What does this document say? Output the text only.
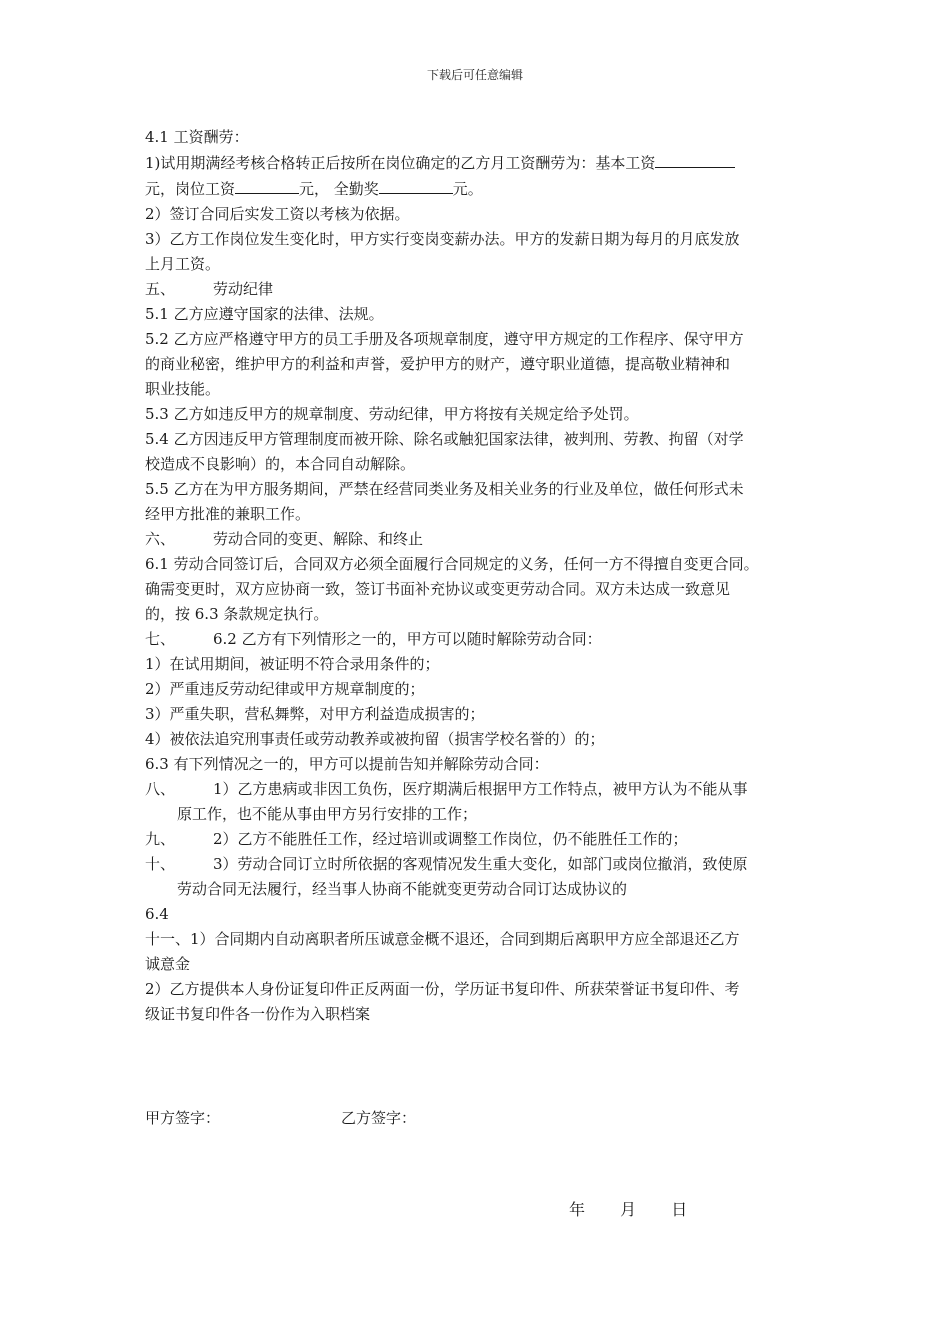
下载后可任意编辑
4.1 工资酬劳：
1)试用期满经考核合格转正后按所在岗位确定的乙方月工资酬劳为：基本工资
元，岗位工资	元， 全勤奖	元。
2）签订合同后实发工资以考核为依据。
3）乙方工作岗位发生变化时，甲方实行变岗变薪办法。甲方的发薪日期为每月的月底发放
上月工资。
五、	劳动纪律
5.1 乙方应遵守国家的法律、法规。
5.2 乙方应严格遵守甲方的员工手册及各项规章制度，遵守甲方规定的工作程序、保守甲方
的商业秘密，维护甲方的利益和声誉，爱护甲方的财产，遵守职业道德，提高敬业精神和
职业技能。
5.3 乙方如违反甲方的规章制度、劳动纪律，甲方将按有关规定给予处罚。
5.4 乙方因违反甲方管理制度而被开除、除名或触犯国家法律，被判刑、劳教、拘留（对学
校造成不良影响）的，本合同自动解除。
5.5 乙方在为甲方服务期间，严禁在经营同类业务及相关业务的行业及单位，做任何形式未
经甲方批准的兼职工作。
六、	劳动合同的变更、解除、和终止
6.1 劳动合同签订后，合同双方必须全面履行合同规定的义务，任何一方不得擅自变更合同。
确需变更时，双方应协商一致，签订书面补充协议或变更劳动合同。双方未达成一致意见
的，按 6.3 条款规定执行。
七、	6.2 乙方有下列情形之一的，甲方可以随时解除劳动合同：
1）在试用期间，被证明不符合录用条件的；
2）严重违反劳动纪律或甲方规章制度的；
3）严重失职，营私舞弊，对甲方利益造成损害的；
4）被依法追究刑事责任或劳动教养或被拘留（损害学校名誉的）的；
6.3 有下列情况之一的，甲方可以提前告知并解除劳动合同：
八、	1）乙方患病或非因工负伤，医疗期满后根据甲方工作特点，被甲方认为不能从事
原工作，也不能从事由甲方另行安排的工作；
九、	2）乙方不能胜任工作，经过培训或调整工作岗位，仍不能胜任工作的；
十、	3）劳动合同订立时所依据的客观情况发生重大变化，如部门或岗位撤消，致使原
劳动合同无法履行，经当事人协商不能就变更劳动合同订达成协议的
6.4
十一、1）合同期内自动离职者所压诚意金概不退还，合同到期后离职甲方应全部退还乙方
诚意金
2）乙方提供本人身份证复印件正反两面一份，学历证书复印件、所获荣誉证书复印件、考
级证书复印件各一份作为入职档案
甲方签字：	乙方签字：
年 月 日
